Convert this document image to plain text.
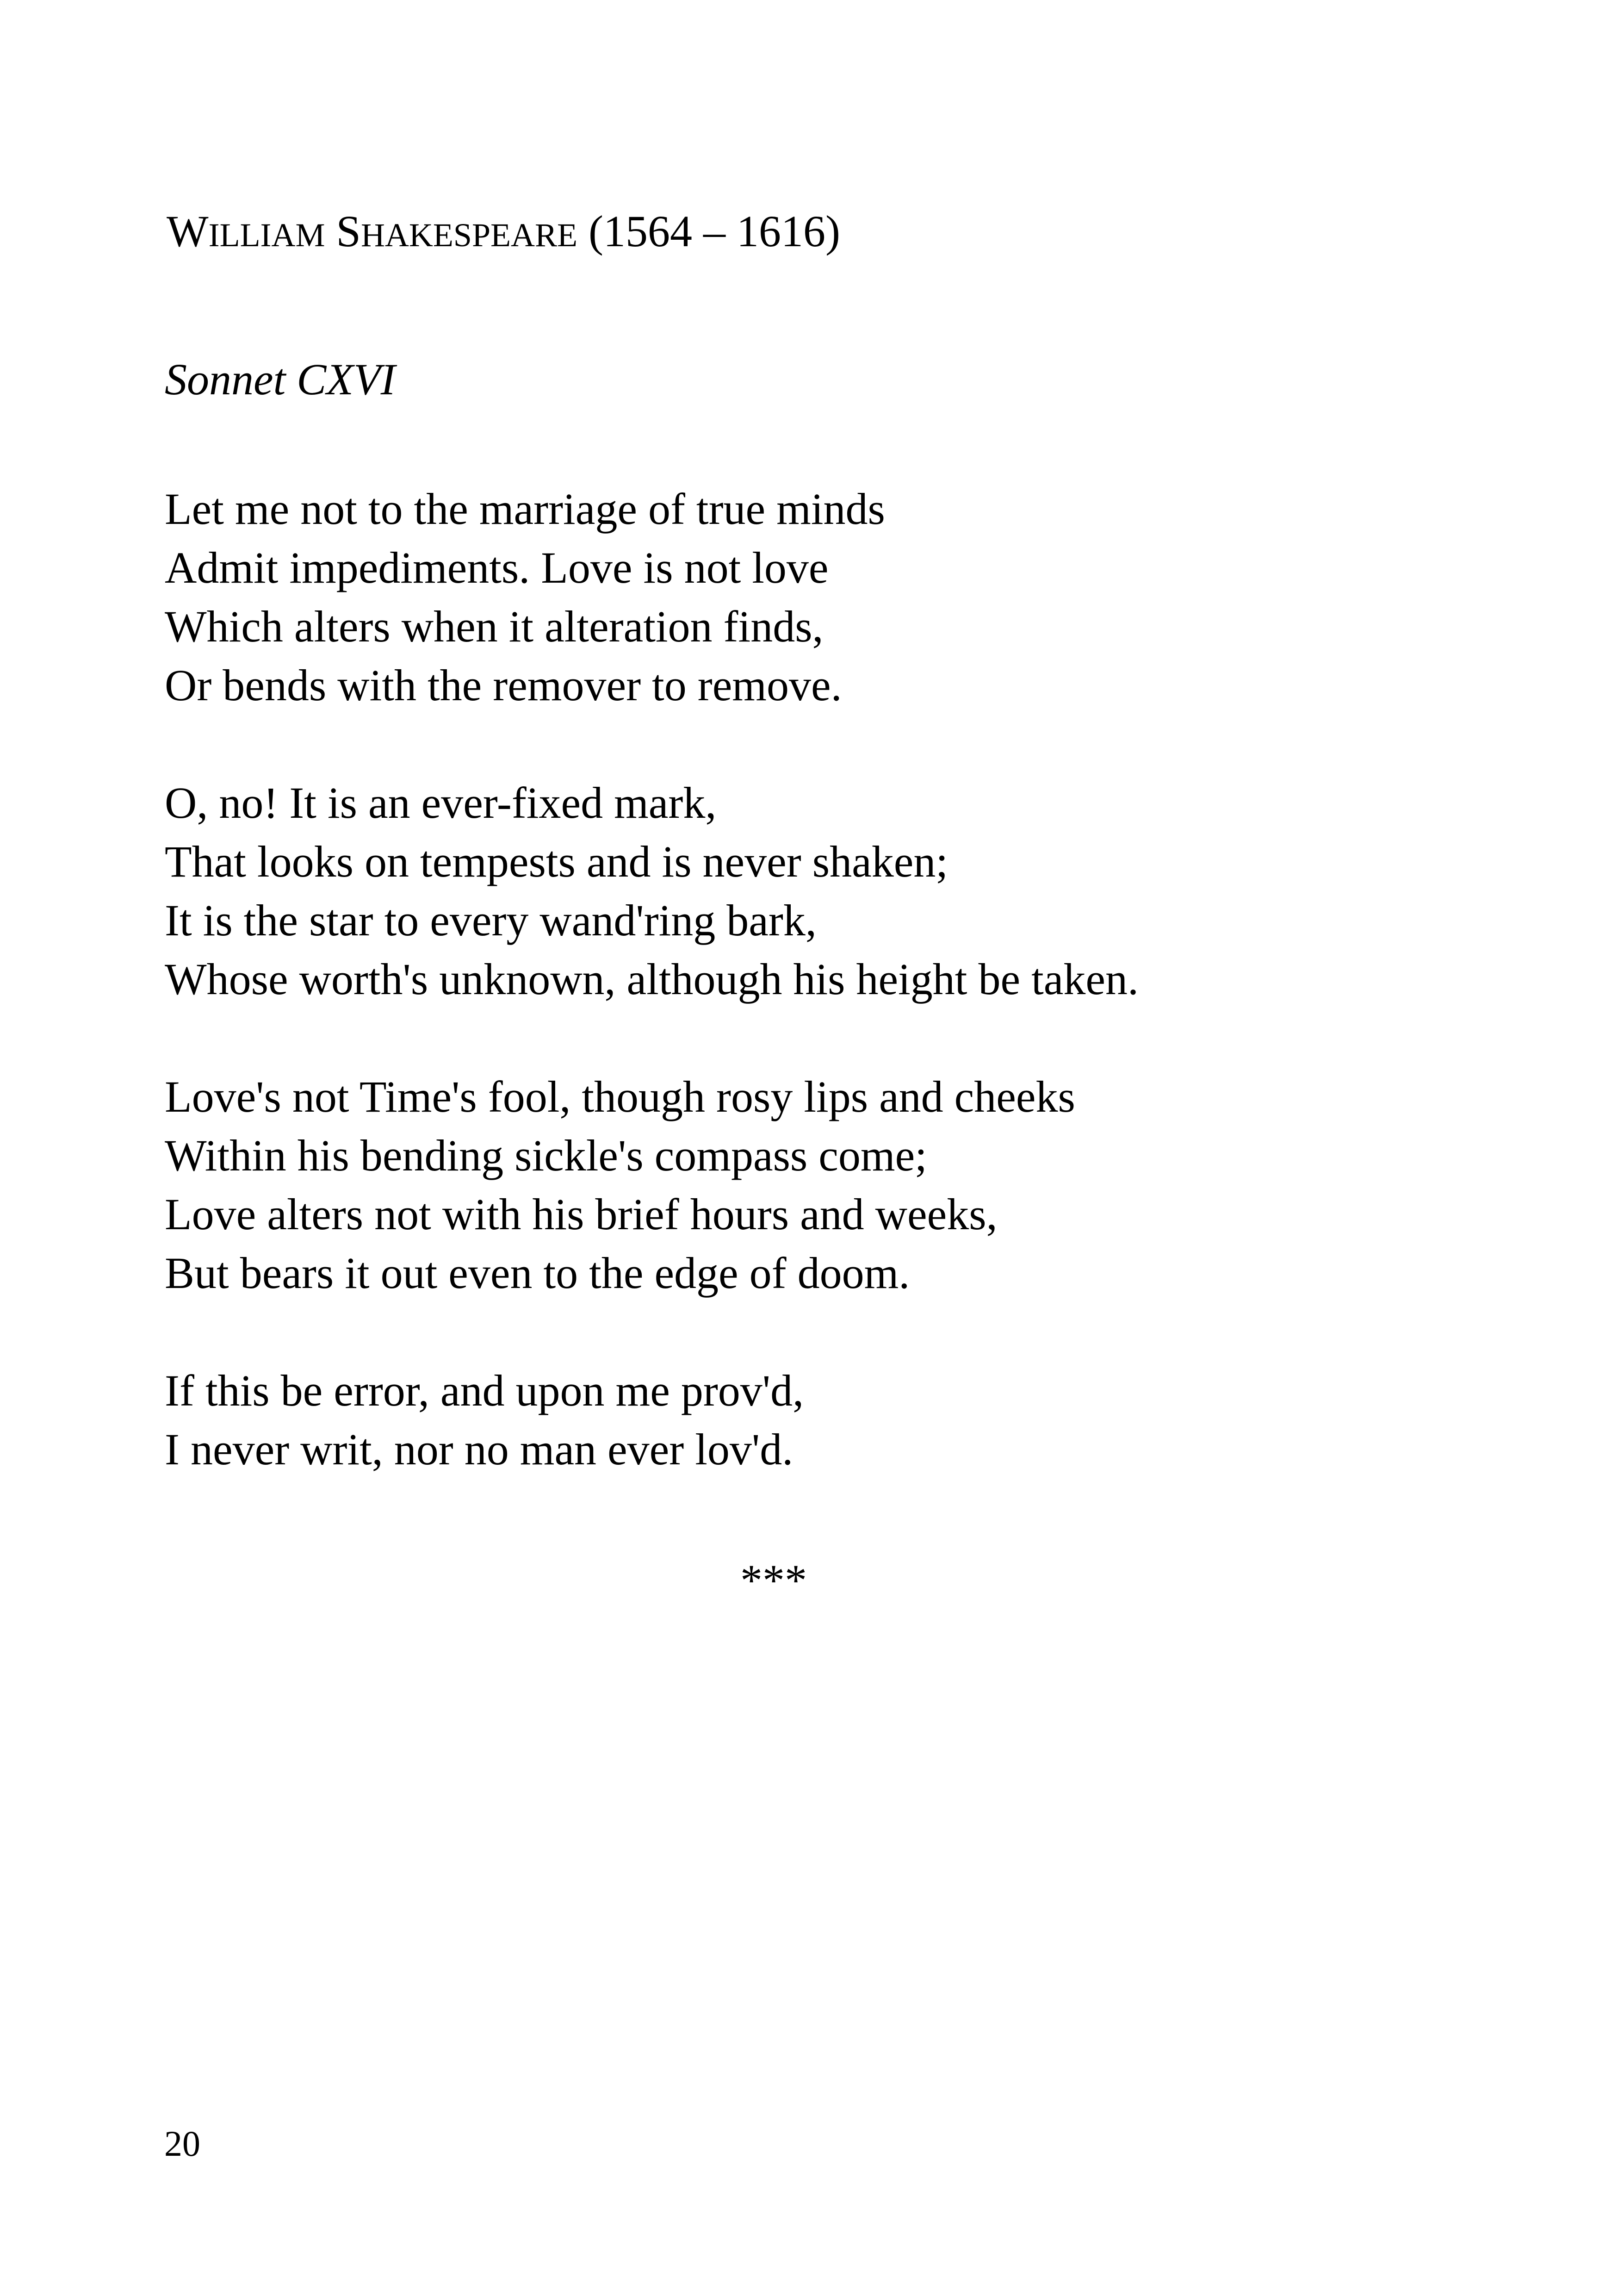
WILLIAM SHAKESPEARE (1564 – 1616)
Sonnet CXVI
Let me not to the marriage of true minds
Admit impediments. Love is not love
Which alters when it alteration finds,
Or bends with the remover to remove.
O, no! It is an ever-fixed mark,
That looks on tempests and is never shaken;
It is the star to every wand'ring bark,
Whose worth's unknown, although his height be taken.
Love's not Time's fool, though rosy lips and cheeks
Within his bending sickle's compass come;
Love alters not with his brief hours and weeks,
But bears it out even to the edge of doom.
If this be error, and upon me prov'd,
I never writ, nor no man ever lov'd.
***
20
